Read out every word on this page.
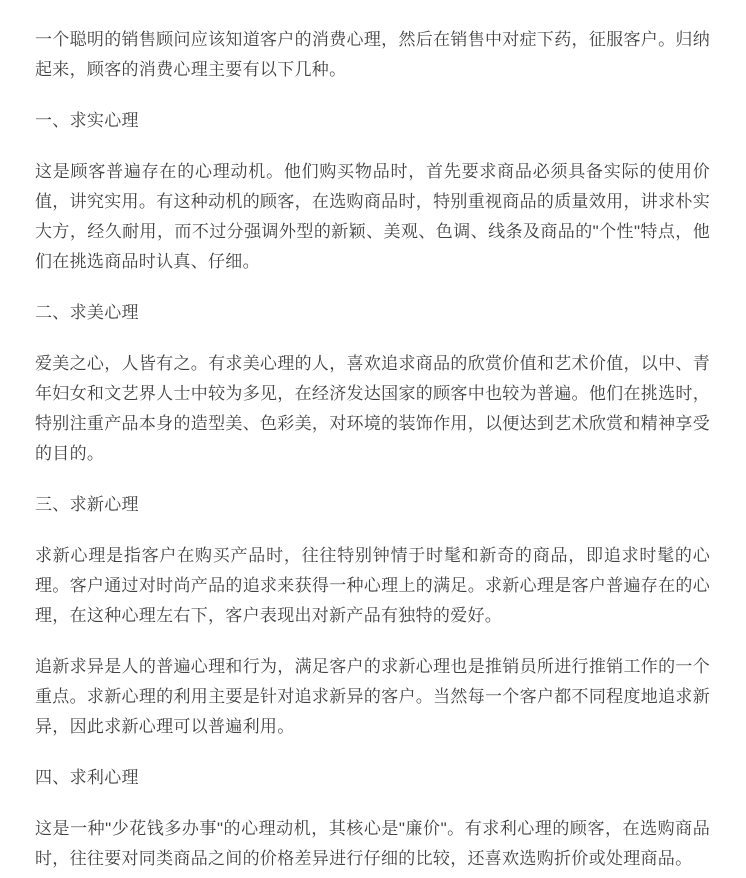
一个聪明的销售顾问应该知道客户的消费心理，然后在销售中对症下药，征服客户。归纳起来，顾客的消费心理主要有以下几种。

一、求实心理

这是顾客普遍存在的心理动机。他们购买物品时，首先要求商品必须具备实际的使用价值，讲究实用。有这种动机的顾客，在选购商品时，特别重视商品的质量效用，讲求朴实大方，经久耐用，而不过分强调外型的新颖、美观、色调、线条及商品的"个性"特点，他们在挑选商品时认真、仔细。

二、求美心理

爱美之心，人皆有之。有求美心理的人，喜欢追求商品的欣赏价值和艺术价值，以中、青年妇女和文艺界人士中较为多见，在经济发达国家的顾客中也较为普遍。他们在挑选时，特别注重产品本身的造型美、色彩美，对环境的装饰作用，以便达到艺术欣赏和精神享受的目的。

三、求新心理

求新心理是指客户在购买产品时，往往特别钟情于时髦和新奇的商品，即追求时髦的心理。客户通过对时尚产品的追求来获得一种心理上的满足。求新心理是客户普遍存在的心理，在这种心理左右下，客户表现出对新产品有独特的爱好。

追新求异是人的普遍心理和行为，满足客户的求新心理也是推销员所进行推销工作的一个重点。求新心理的利用主要是针对追求新异的客户。当然每一个客户都不同程度地追求新异，因此求新心理可以普遍利用。

四、求利心理

这是一种"少花钱多办事"的心理动机，其核心是"廉价"。有求利心理的顾客，在选购商品时，往往要对同类商品之间的价格差异进行仔细的比较，还喜欢选购折价或处理商品。
